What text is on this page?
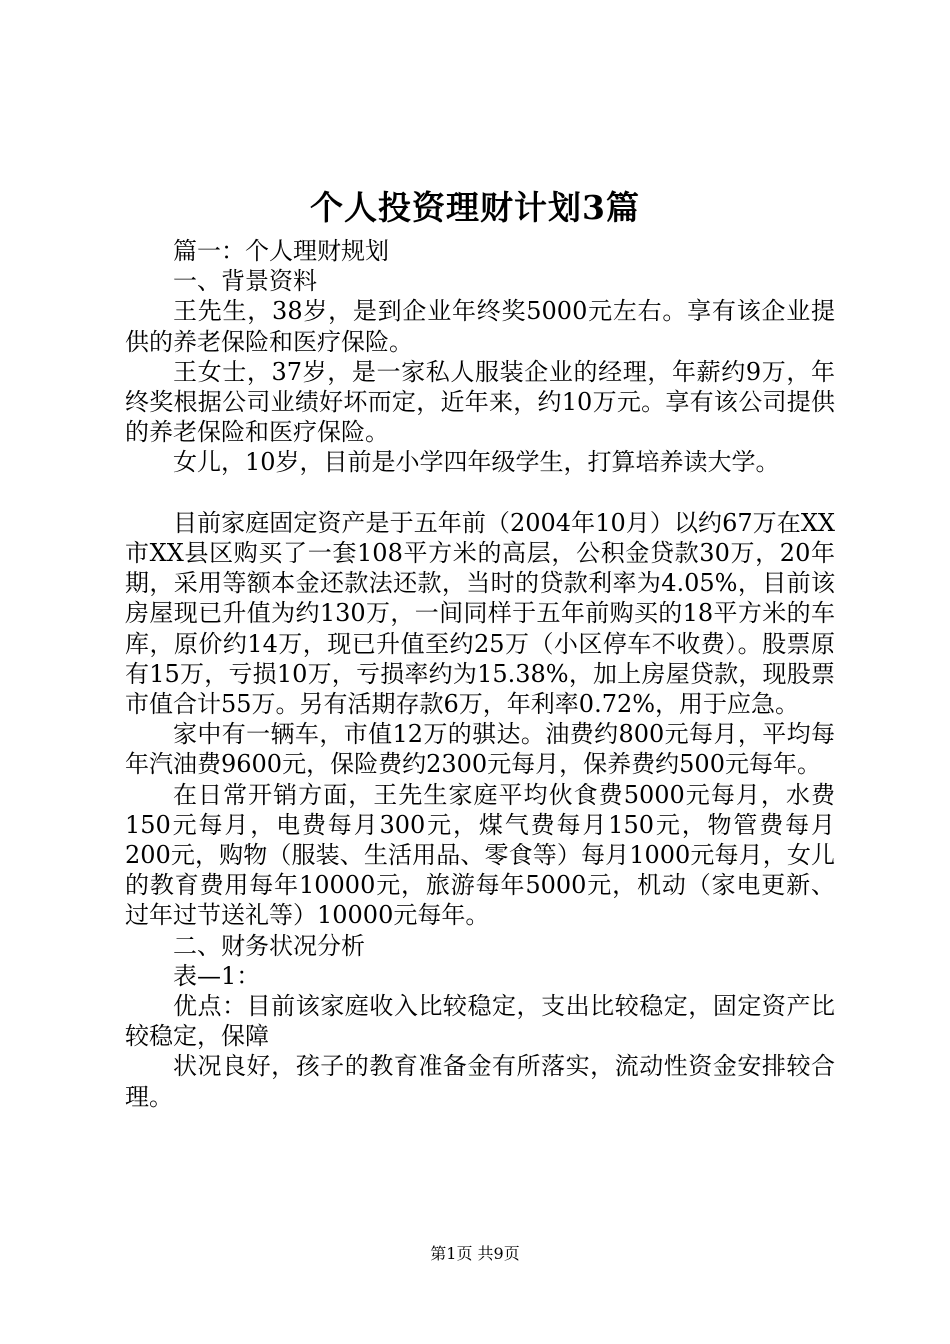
个人投资理财计划3篇

篇一：个人理财规划

一、背景资料

王先生，38岁，是到企业年终奖5000元左右。享有该企业提供的养老保险和医疗保险。

王女士，37岁，是一家私人服装企业的经理，年薪约9万，年终奖根据公司业绩好坏而定，近年来，约10万元。享有该公司提供的养老保险和医疗保险。

女儿，10岁，目前是小学四年级学生，打算培养读大学。

目前家庭固定资产是于五年前（2004年10月）以约67万在XX市XX县区购买了一套108平方米的高层，公积金贷款30万，20年期，采用等额本金还款法还款，当时的贷款利率为4.05%，目前该房屋现已升值为约130万，一间同样于五年前购买的18平方米的车库，原价约14万，现已升值至约25万（小区停车不收费）。股票原有15万，亏损10万，亏损率约为15.38%，加上房屋贷款，现股票市值合计55万。另有活期存款6万，年利率0.72%，用于应急。

家中有一辆车，市值12万的骐达。油费约800元每月，平均每年汽油费9600元，保险费约2300元每月，保养费约500元每年。

在日常开销方面，王先生家庭平均伙食费5000元每月，水费150元每月，电费每月300元，煤气费每月150元，物管费每月200元，购物（服装、生活用品、零食等）每月1000元每月，女儿的教育费用每年10000元，旅游每年5000元，机动（家电更新、过年过节送礼等）10000元每年。

二、财务状况分析

表—1：

优点：目前该家庭收入比较稳定，支出比较稳定，固定资产比较稳定，保障

状况良好，孩子的教育准备金有所落实，流动性资金安排较合理。

第1页 共9页
